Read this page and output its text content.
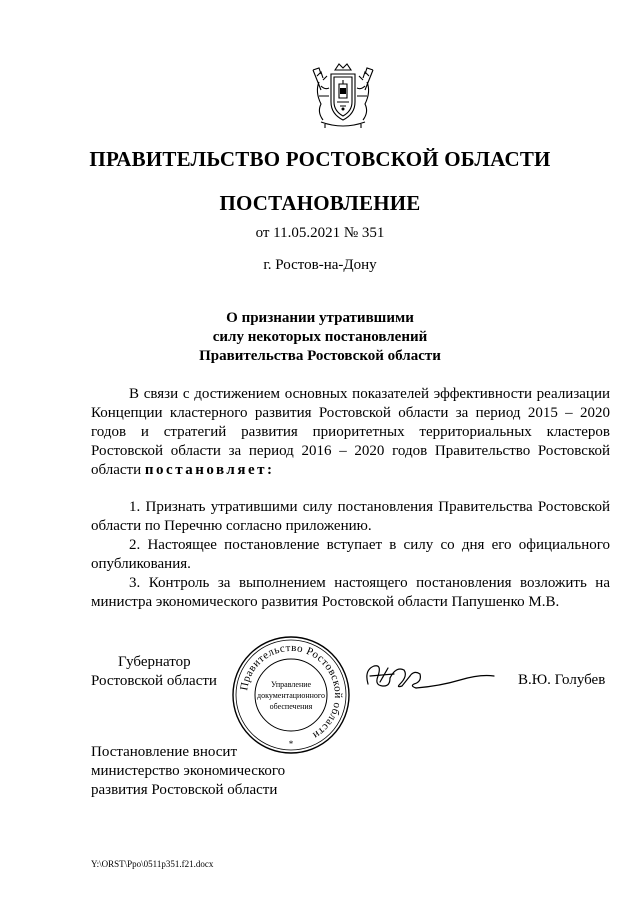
ПРАВИТЕЛЬСТВО РОСТОВСКОЙ ОБЛАСТИ
ПОСТАНОВЛЕНИЕ
от 11.05.2021 № 351
г. Ростов-на-Дону
О признании утратившими
силу некоторых постановлений
Правительства Ростовской области

В связи с достижением основных показателей эффективности реализации Концепции кластерного развития Ростовской области за период 2015 – 2020 годов и стратегий развития приоритетных территориальных кластеров Ростовской области за период 2016 – 2020 годов Правительство Ростовской области постановляет:

1. Признать утратившими силу постановления Правительства Ростовской области по Перечню согласно приложению.

2. Настоящее постановление вступает в силу со дня его официального опубликования.

3. Контроль за выполнением настоящего постановления возложить на министра экономического развития Ростовской области Папушенко М.В.

Губернатор
Ростовской области	Правительство Ростовской области
Управление
документационного
обеспечения
*
В.Ю. Голубев
Постановление вносит
министерство экономического
развития Ростовской области
Y:\ORST\Ppo\0511p351.f21.docx
